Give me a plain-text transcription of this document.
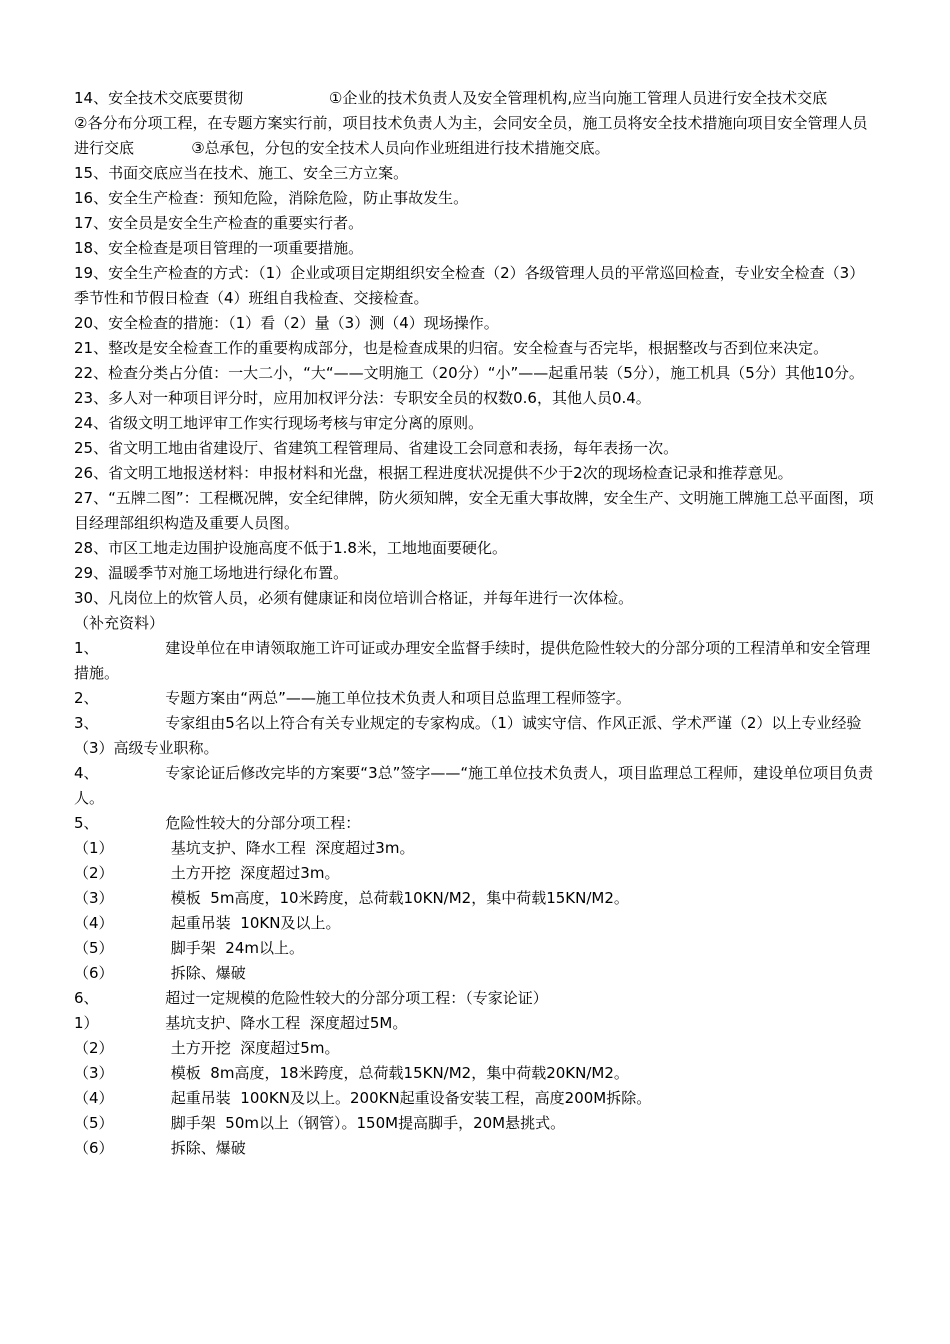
14、安全技术交底要贯彻                  ①企业的技术负责人及安全管理机构,应当向施工管理人员进行安全技术交底            ②各分布分项工程，在专题方案实行前，项目技术负责人为主，会同安全员，施工员将安全技术措施向项目安全管理人员进行交底            ③总承包，分包的安全技术人员向作业班组进行技术措施交底。

15、书面交底应当在技术、施工、安全三方立案。

16、安全生产检查：预知危险，消除危险，防止事故发生。

17、安全员是安全生产检查的重要实行者。

18、安全检查是项目管理的一项重要措施。

19、安全生产检查的方式：（1）企业或项目定期组织安全检查（2）各级管理人员的平常巡回检查，专业安全检查（3）季节性和节假日检查（4）班组自我检查、交接检查。

20、安全检查的措施：（1）看（2）量（3）测（4）现场操作。

21、整改是安全检查工作的重要构成部分，也是检查成果的归宿。安全检查与否完毕，根据整改与否到位来决定。

22、检查分类占分值：一大二小，“大“——文明施工（20分）“小”——起重吊装（5分），施工机具（5分）其他10分。

23、多人对一种项目评分时，应用加权评分法：专职安全员的权数0.6，其他人员0.4。

24、省级文明工地评审工作实行现场考核与审定分离的原则。

25、省文明工地由省建设厅、省建筑工程管理局、省建设工会同意和表扬，每年表扬一次。

26、省文明工地报送材料：申报材料和光盘，根据工程进度状况提供不少于2次的现场检查记录和推荐意见。

27、“五牌二图”：工程概况牌，安全纪律牌，防火须知牌，安全无重大事故牌，安全生产、文明施工牌施工总平面图，项目经理部组织构造及重要人员图。

28、市区工地走边围护设施高度不低于1.8米，工地地面要硬化。

29、温暖季节对施工场地进行绿化布置。

30、凡岗位上的炊管人员，必须有健康证和岗位培训合格证，并每年进行一次体检。

（补充资料）

1、              建设单位在申请领取施工许可证或办理安全监督手续时，提供危险性较大的分部分项的工程清单和安全管理措施。

2、              专题方案由“两总”——施工单位技术负责人和项目总监理工程师签字。

3、              专家组由5名以上符合有关专业规定的专家构成。（1）诚实守信、作风正派、学术严谨（2）以上专业经验（3）高级专业职称。

4、              专家论证后修改完毕的方案要“3总”签字——“施工单位技术负责人，项目监理总工程师，建设单位项目负责人。

5、              危险性较大的分部分项工程：

（1）            基坑支护、降水工程  深度超过3m。

（2）            土方开挖  深度超过3m。

（3）            模板  5m高度，10米跨度，总荷载10KN/M2，集中荷载15KN/M2。

（4）            起重吊装  10KN及以上。

（5）            脚手架  24m以上。

（6）            拆除、爆破

6、              超过一定规模的危险性较大的分部分项工程：（专家论证）

1）              基坑支护、降水工程  深度超过5M。

（2）            土方开挖  深度超过5m。

（3）            模板  8m高度，18米跨度，总荷载15KN/M2，集中荷载20KN/M2。

（4）            起重吊装  100KN及以上。200KN起重设备安装工程，高度200M拆除。

（5）            脚手架  50m以上（钢管）。150M提高脚手，20M悬挑式。

（6）            拆除、爆破
